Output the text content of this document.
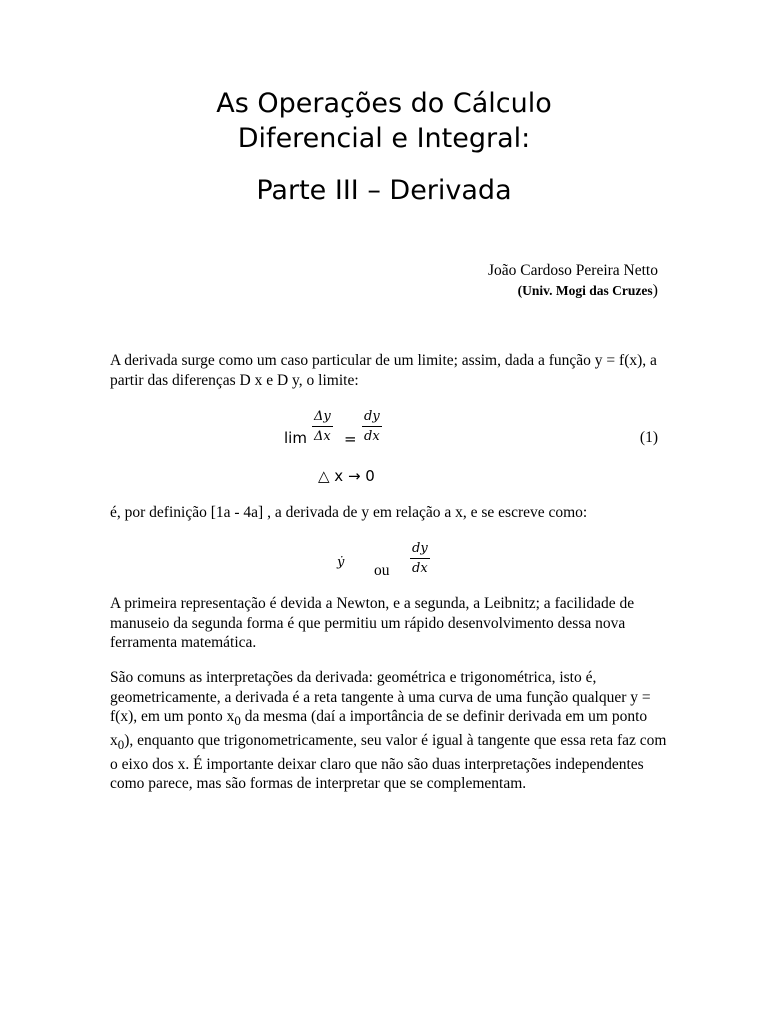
As Operações do Cálculo
Diferencial e Integral:
Parte III – Derivada
João Cardoso Pereira Netto
(Univ. Mogi das Cruzes)
A derivada surge como um caso particular de um limite; assim, dada a função y = f(x), a partir das diferenças D x e D y, o limite:
lim
Δy
Δx =
dy
dx	(1)
△ x → 0
é, por definição [1a - 4a] , a derivada de y em relação a x, e se escreve como:
ẏ ou
dy
dx
A primeira representação é devida a Newton, e a segunda, a Leibnitz; a facilidade de manuseio da segunda forma é que permitiu um rápido desenvolvimento dessa nova ferramenta matemática.
São comuns as interpretações da derivada: geométrica e trigonométrica, isto é, geometricamente, a derivada é a reta tangente à uma curva de uma função qualquer y = f(x), em um ponto $x_0$ da mesma (daí a importância de se definir derivada em um ponto $x_0$), enquanto que trigonometricamente, seu valor é igual à tangente que essa reta faz com o eixo dos x. É importante deixar claro que não são duas interpretações independentes como parece, mas são formas de interpretar que se complementam.
